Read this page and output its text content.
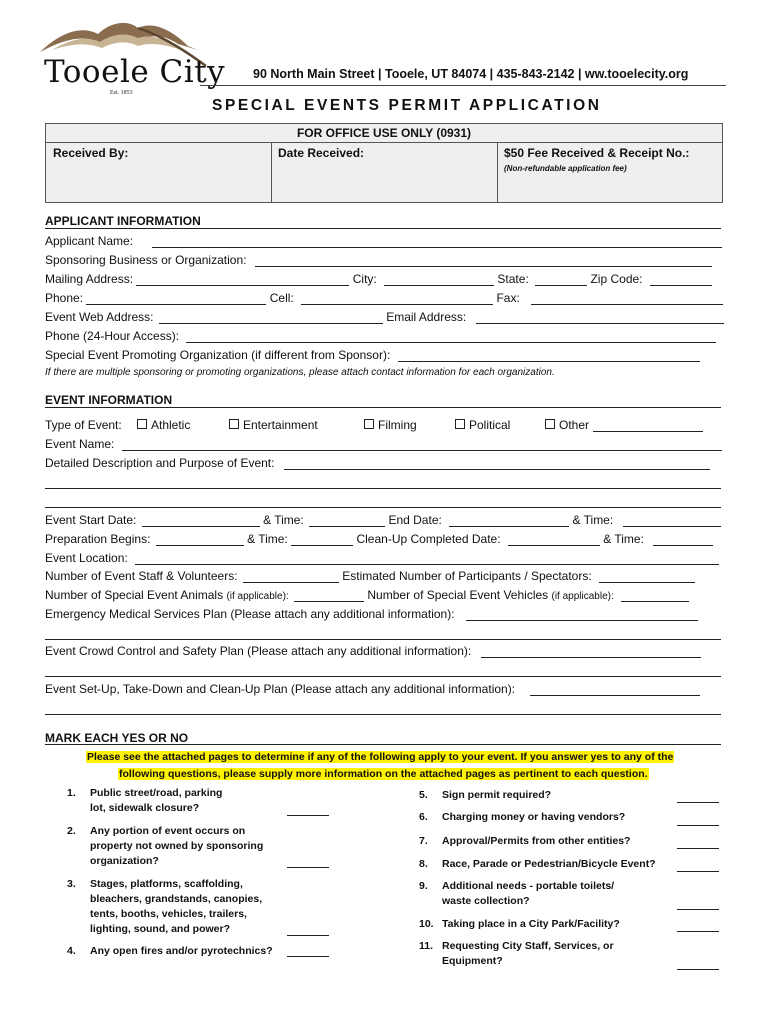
Tooele City
Est. 1853
90 North Main Street | Tooele, UT 84074 | 435-843-2142 | ww.tooelecity.org
SPECIAL EVENTS PERMIT APPLICATION
FOR OFFICE USE ONLY (0931)
Received By:	Date Received:	$50 Fee Received & Receipt No.:
(Non-refundable application fee)
APPLICANT INFORMATION
Applicant Name:
Sponsoring Business or Organization:
Mailing Address:	City:	State:	Zip Code:
Phone:	Cell:	Fax:
Event Web Address:	Email Address:
Phone (24-Hour Access):
Special Event Promoting Organization (if different from Sponsor):
If there are multiple sponsoring or promoting organizations, please attach contact information for each organization.
EVENT INFORMATION
Type of Event:	Athletic	Entertainment	Filming	Political	Other
Event Name:
Detailed Description and Purpose of Event:
Event Start Date:	& Time:	End Date:	& Time:
Preparation Begins:	& Time:	Clean-Up Completed Date:	& Time:
Event Location:
Number of Event Staff & Volunteers:	Estimated Number of Participants / Spectators:
Number of Special Event Animals (if applicable):	Number of Special Event Vehicles (if applicable):
Emergency Medical Services Plan (Please attach any additional information):
Event Crowd Control and Safety Plan (Please attach any additional information):
Event Set-Up, Take-Down and Clean-Up Plan (Please attach any additional information):
MARK EACH YES OR NO
Please see the attached pages to determine if any of the following apply to your event. If you answer yes to any of the
following questions, please supply more information on the attached pages as pertinent to each question.
1. Public street/road, parking
lot, sidewalk closure?
2. Any portion of event occurs on
property not owned by sponsoring
organization?
3. Stages, platforms, scaffolding,
bleachers, grandstands, canopies,
tents, booths, vehicles, trailers,
lighting, sound, and power?
4. Any open fires and/or pyrotechnics?
5. Sign permit required?
6. Charging money or having vendors?
7. Approval/Permits from other entities?
8. Race, Parade or Pedestrian/Bicycle Event?
9. Additional needs - portable toilets/
waste collection?
10. Taking place in a City Park/Facility?
11. Requesting City Staff, Services, or
Equipment?
